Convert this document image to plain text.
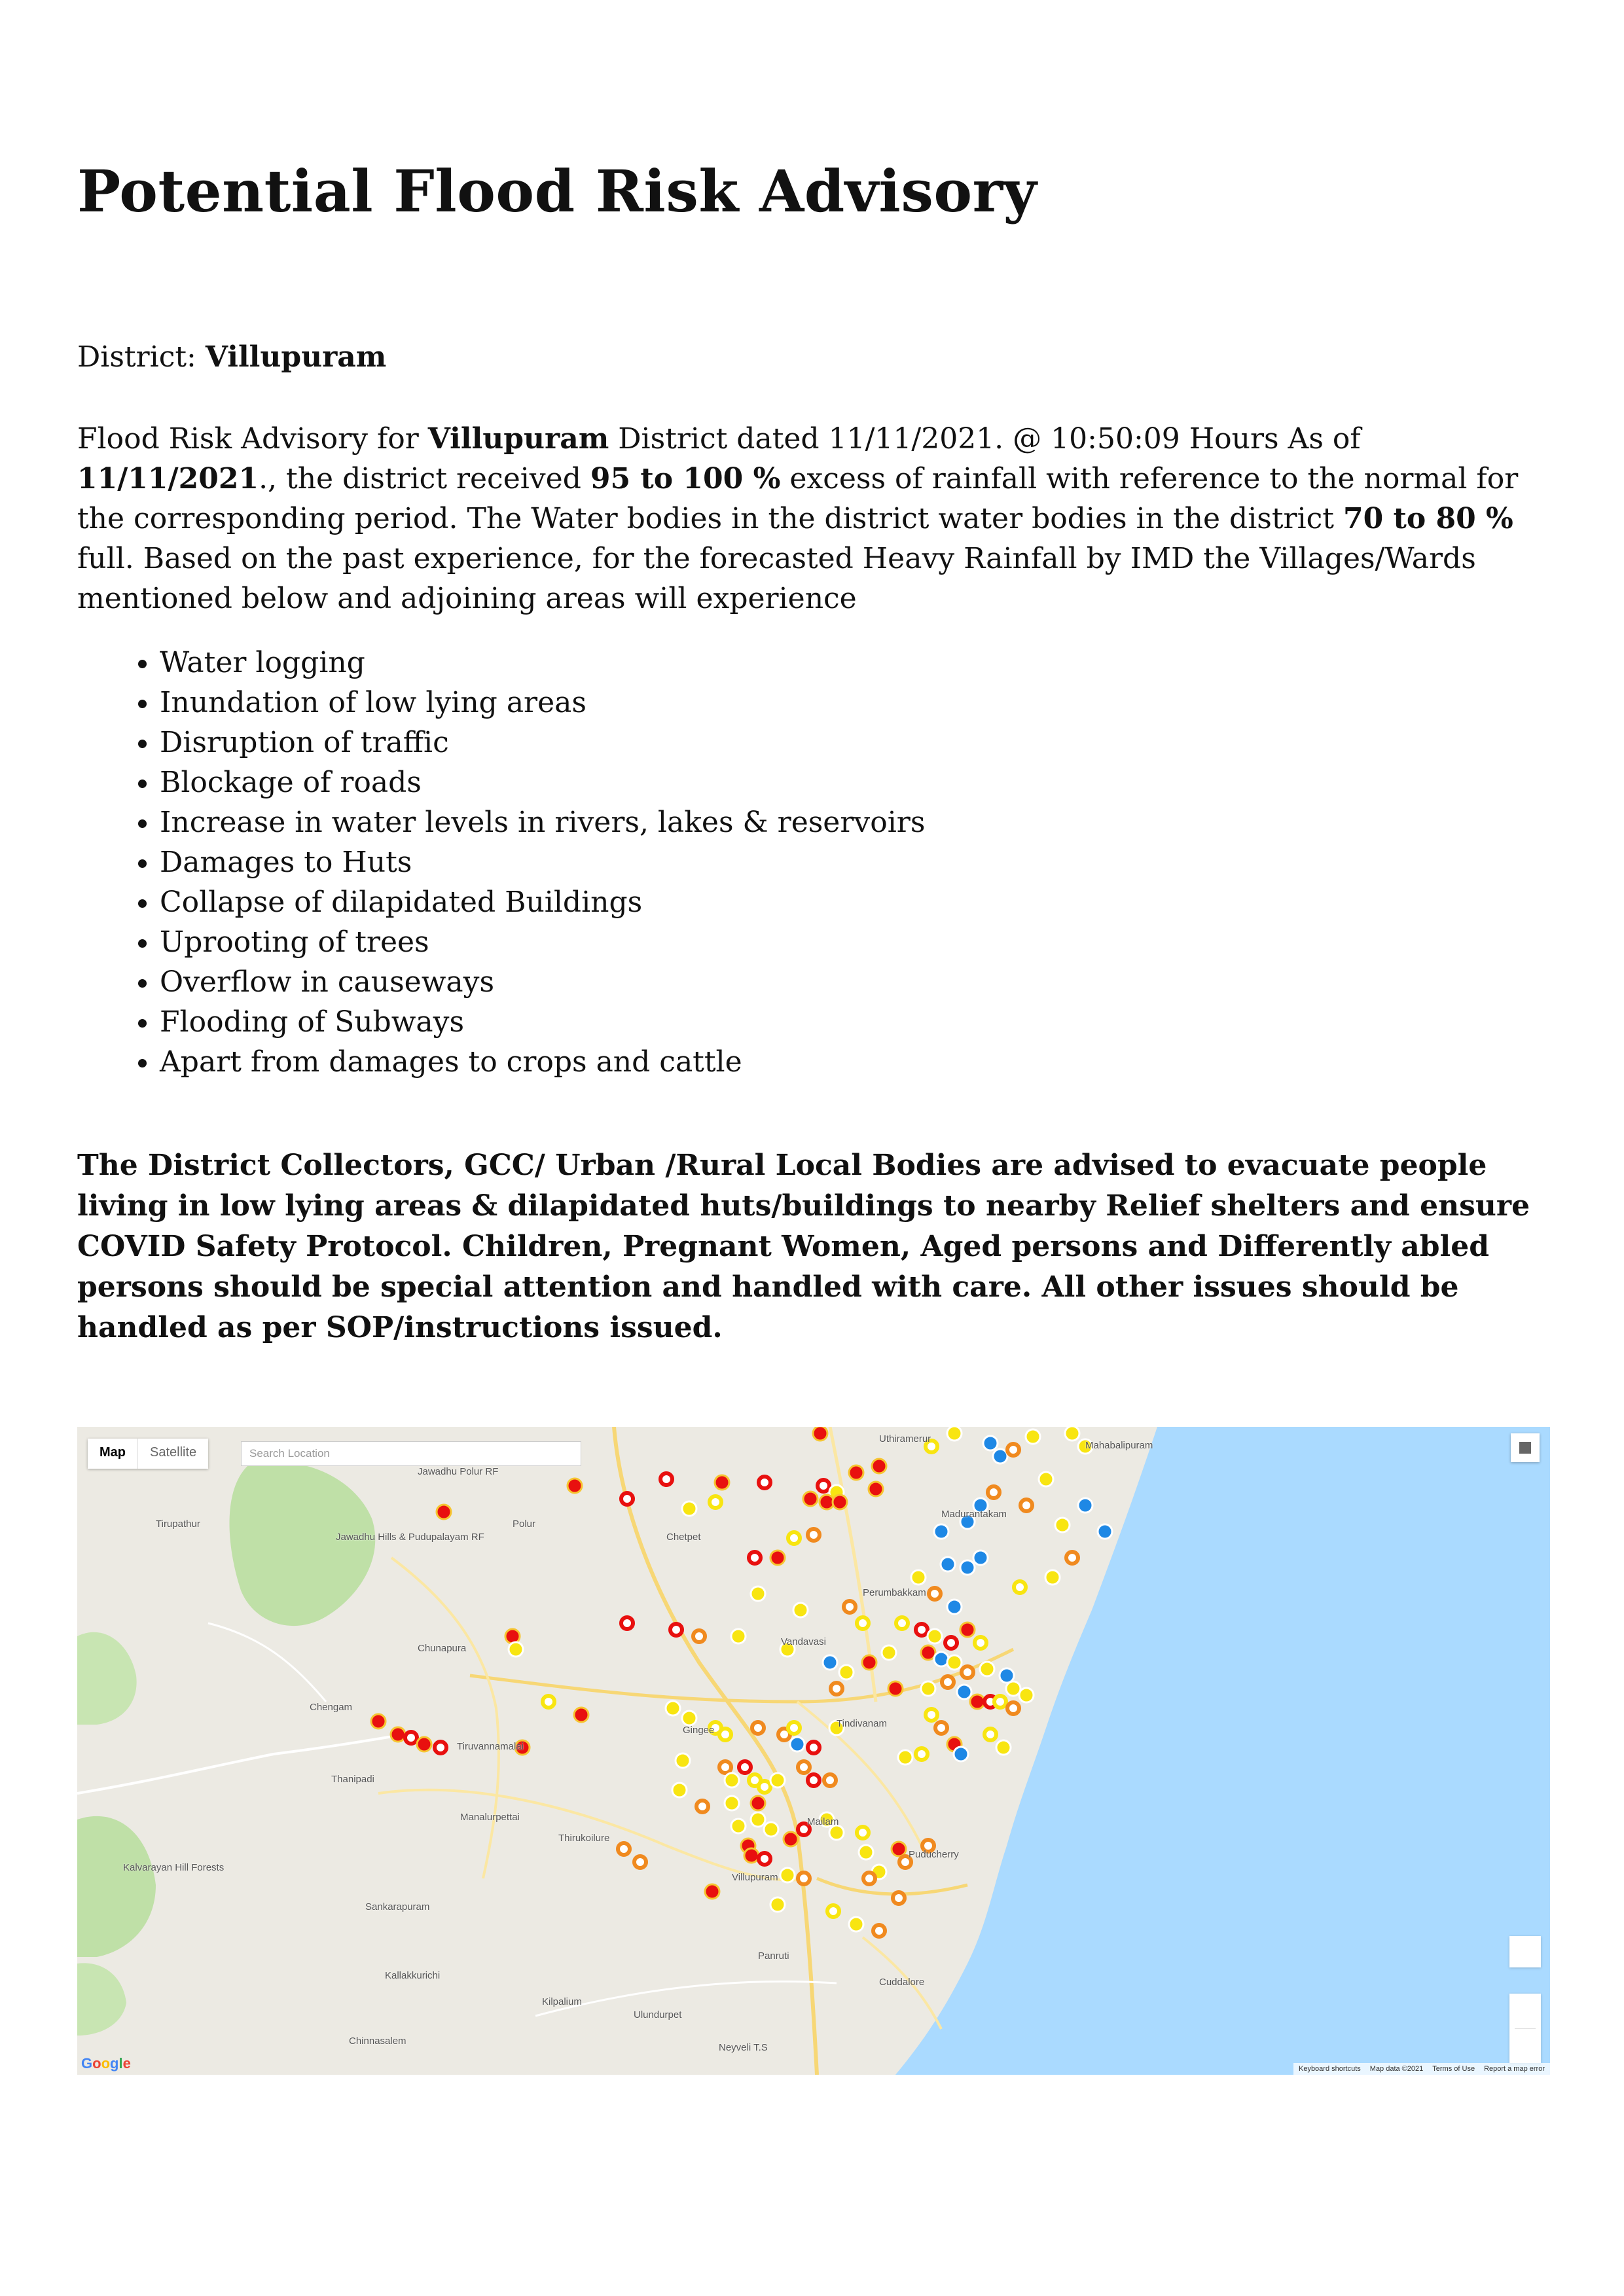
Potential Flood Risk Advisory

District: Villupuram

Flood Risk Advisory for Villupuram District dated 11/11/2021. @ 10:50:09 Hours As of 11/11/2021., the district received 95 to 100 % excess of rainfall with reference to the normal for the corresponding period. The Water bodies in the district water bodies in the district 70 to 80 % full. Based on the past experience, for the forecasted Heavy Rainfall by IMD the Villages/Wards mentioned below and adjoining areas will experience

• Water logging
• Inundation of low lying areas
• Disruption of traffic
• Blockage of roads
• Increase in water levels in rivers, lakes & reservoirs
• Damages to Huts
• Collapse of dilapidated Buildings
• Uprooting of trees
• Overflow in causeways
• Flooding of Subways
• Apart from damages to crops and cattle

The District Collectors, GCC/ Urban /Rural Local Bodies are advised to evacuate people living in low lying areas & dilapidated huts/buildings to nearby Relief shelters and ensure COVID Safety Protocol. Children, Pregnant Women, Aged persons and Differently abled persons should be special attention and handled with care. All other issues should be handled as per SOP/instructions issued.

Jawadhu Polur RF
Tirupathur
Jawadhu Hills & Pudupalayam RF
Chengam
Tiruvannamalai
Gingee
Tindivanam
Mailam
Villupuram
Puducherry
Cuddalore
Panruti
Kallakkurichi
Sankarapuram
Thirukoilure
Kalvarayan Hill Forests
Uthiramerur
Madurantakam
Mahabalipuram
Vandavasi
Polur
Chunapura
Thanipadi
Manalurpettai
Neyveli T.S
Chinnasalem
Ulundurpet
Kilpalium
Chetpet
Perumbakkam
Map	Satellite	Search Location
Google	Keyboard shortcuts Map data ©2021 Terms of Use Report a map error
